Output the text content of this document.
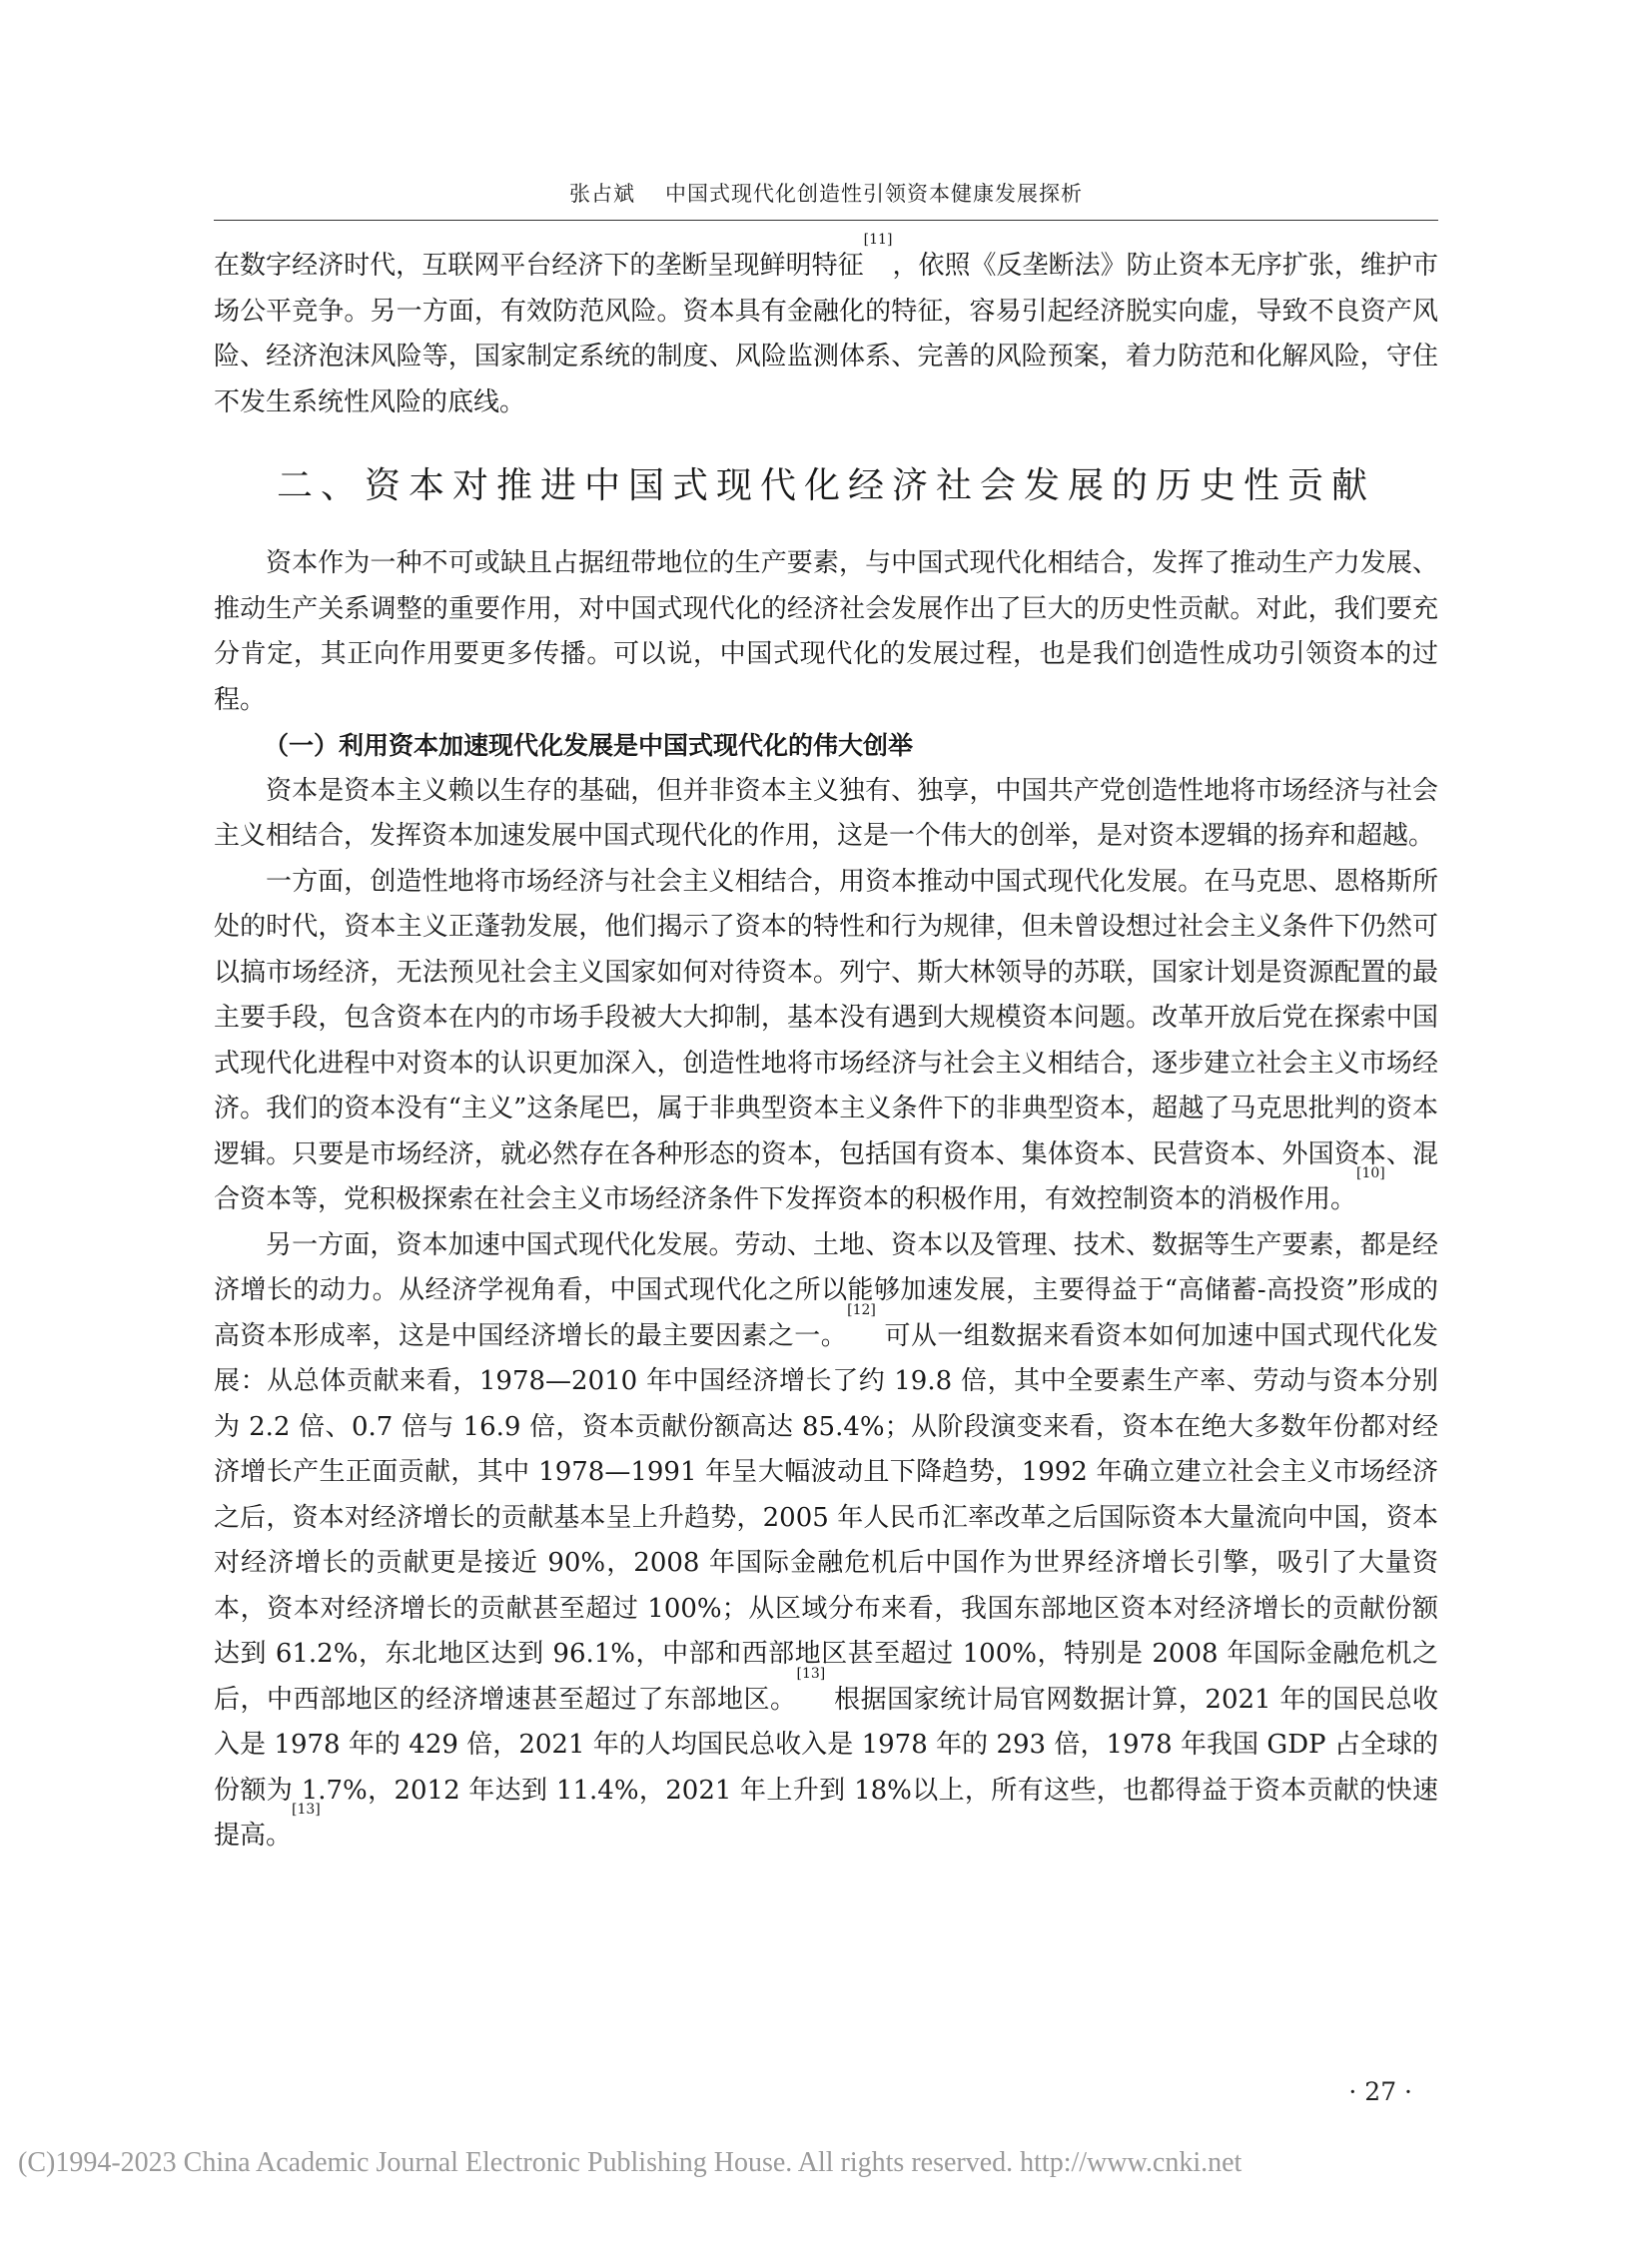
张占斌 中国式现代化创造性引领资本健康发展探析

在数字经济时代，互联网平台经济下的垄断呈现鲜明特征[11]，依照《反垄断法》防止资本无序扩张，维护市场公平竞争。另一方面，有效防范风险。资本具有金融化的特征，容易引起经济脱实向虚，导致不良资产风险、经济泡沫风险等，国家制定系统的制度、风险监测体系、完善的风险预案，着力防范和化解风险，守住不发生系统性风险的底线。

二、资本对推进中国式现代化经济社会发展的历史性贡献

资本作为一种不可或缺且占据纽带地位的生产要素，与中国式现代化相结合，发挥了推动生产力发展、推动生产关系调整的重要作用，对中国式现代化的经济社会发展作出了巨大的历史性贡献。对此，我们要充分肯定，其正向作用要更多传播。可以说，中国式现代化的发展过程，也是我们创造性成功引领资本的过程。

（一）利用资本加速现代化发展是中国式现代化的伟大创举

资本是资本主义赖以生存的基础，但并非资本主义独有、独享，中国共产党创造性地将市场经济与社会主义相结合，发挥资本加速发展中国式现代化的作用，这是一个伟大的创举，是对资本逻辑的扬弃和超越。

一方面，创造性地将市场经济与社会主义相结合，用资本推动中国式现代化发展。在马克思、恩格斯所处的时代，资本主义正蓬勃发展，他们揭示了资本的特性和行为规律，但未曾设想过社会主义条件下仍然可以搞市场经济，无法预见社会主义国家如何对待资本。列宁、斯大林领导的苏联，国家计划是资源配置的最主要手段，包含资本在内的市场手段被大大抑制，基本没有遇到大规模资本问题。改革开放后党在探索中国式现代化进程中对资本的认识更加深入，创造性地将市场经济与社会主义相结合，逐步建立社会主义市场经济。我们的资本没有“主义”这条尾巴，属于非典型资本主义条件下的非典型资本，超越了马克思批判的资本逻辑。只要是市场经济，就必然存在各种形态的资本，包括国有资本、集体资本、民营资本、外国资本、混合资本等，党积极探索在社会主义市场经济条件下发挥资本的积极作用，有效控制资本的消极作用。[10]

另一方面，资本加速中国式现代化发展。劳动、土地、资本以及管理、技术、数据等生产要素，都是经济增长的动力。从经济学视角看，中国式现代化之所以能够加速发展，主要得益于“高储蓄-高投资”形成的高资本形成率，这是中国经济增长的最主要因素之一。[12] 可从一组数据来看资本如何加速中国式现代化发展：从总体贡献来看，1978—2010 年中国经济增长了约 19.8 倍，其中全要素生产率、劳动与资本分别为 2.2 倍、0.7 倍与 16.9 倍，资本贡献份额高达 85.4%；从阶段演变来看，资本在绝大多数年份都对经济增长产生正面贡献，其中 1978—1991 年呈大幅波动且下降趋势，1992 年确立建立社会主义市场经济之后，资本对经济增长的贡献基本呈上升趋势，2005 年人民币汇率改革之后国际资本大量流向中国，资本对经济增长的贡献更是接近 90%，2008 年国际金融危机后中国作为世界经济增长引擎，吸引了大量资本，资本对经济增长的贡献甚至超过 100%；从区域分布来看，我国东部地区资本对经济增长的贡献份额达到 61.2%，东北地区达到 96.1%，中部和西部地区甚至超过 100%，特别是 2008 年国际金融危机之后，中西部地区的经济增速甚至超过了东部地区。[13] 根据国家统计局官网数据计算，2021 年的国民总收入是 1978 年的 429 倍，2021 年的人均国民总收入是 1978 年的 293 倍，1978 年我国 GDP 占全球的份额为 1.7%，2012 年达到 11.4%，2021 年上升到 18%以上，所有这些，也都得益于资本贡献的快速提高。[13]

· 27 ·
(C)1994-2023 China Academic Journal Electronic Publishing House. All rights reserved. http://www.cnki.net
